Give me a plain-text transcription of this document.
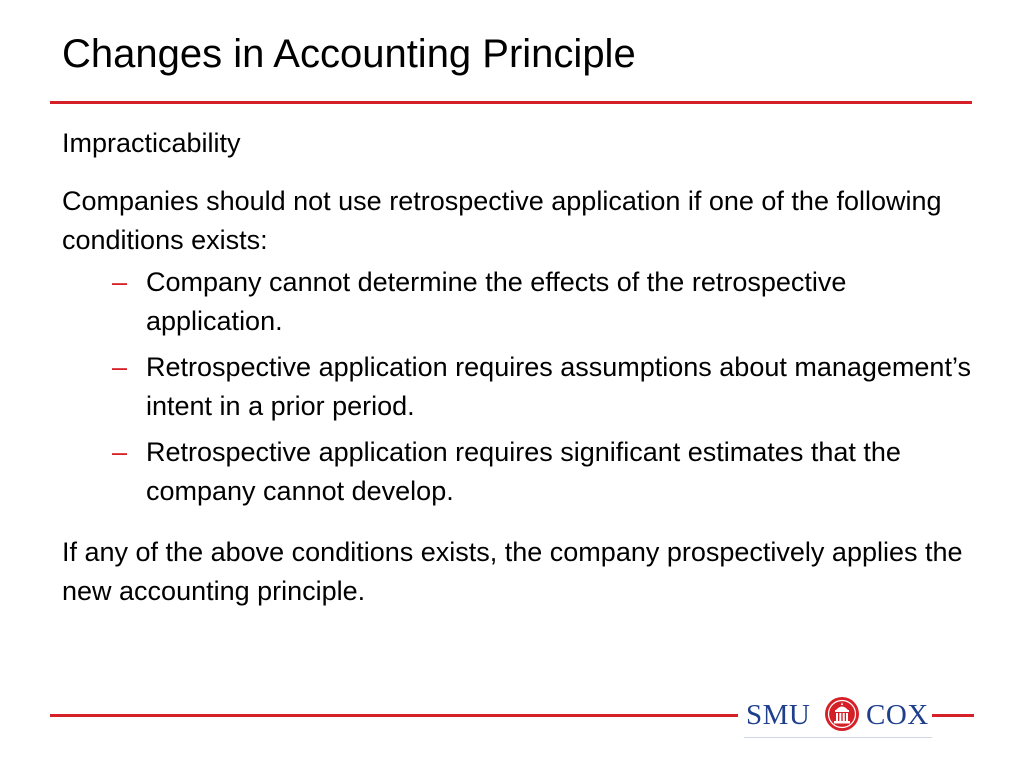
Changes in Accounting Principle

Impracticability

Companies should not use retrospective application if one of the following conditions exists:

– Company cannot determine the effects of the retrospective application.
– Retrospective application requires assumptions about management’s intent in a prior period.
– Retrospective application requires significant estimates that the company cannot develop.

If any of the above conditions exists, the company prospectively applies the new accounting principle.

SMU COX
